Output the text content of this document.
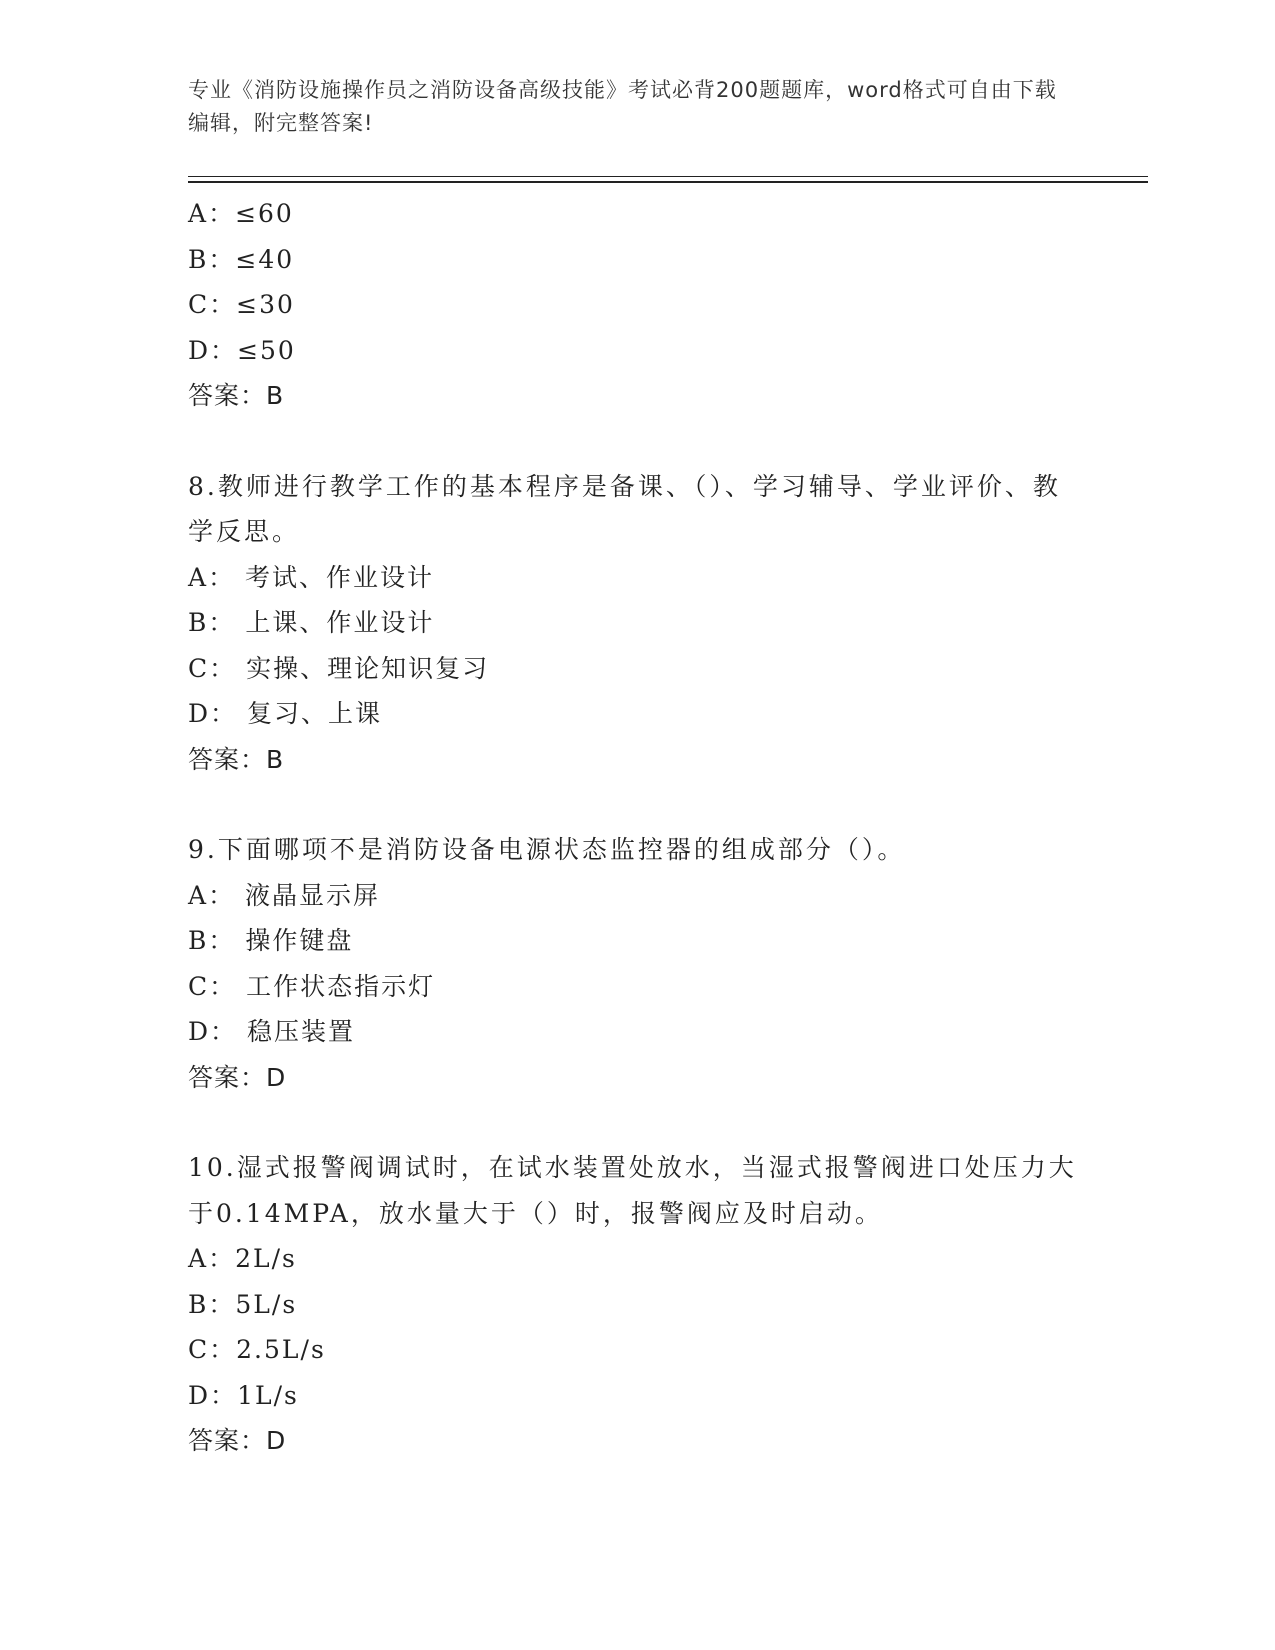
专业《消防设施操作员之消防设备高级技能》考试必背200题题库，word格式可自由下载编辑，附完整答案!
A：≤60
B：≤40
C：≤30
D：≤50
答案：B
8.教师进行教学工作的基本程序是备课、（）、学习辅导、学业评价、教学反思。
A： 考试、作业设计
B： 上课、作业设计
C： 实操、理论知识复习
D： 复习、上课
答案：B
9.下面哪项不是消防设备电源状态监控器的组成部分（）。
A： 液晶显示屏
B： 操作键盘
C： 工作状态指示灯
D： 稳压装置
答案：D
10.湿式报警阀调试时，在试水装置处放水，当湿式报警阀进口处压力大于0.14MPA，放水量大于（）时，报警阀应及时启动。
A：2L/s
B：5L/s
C：2.5L/s
D：1L/s
答案：D
